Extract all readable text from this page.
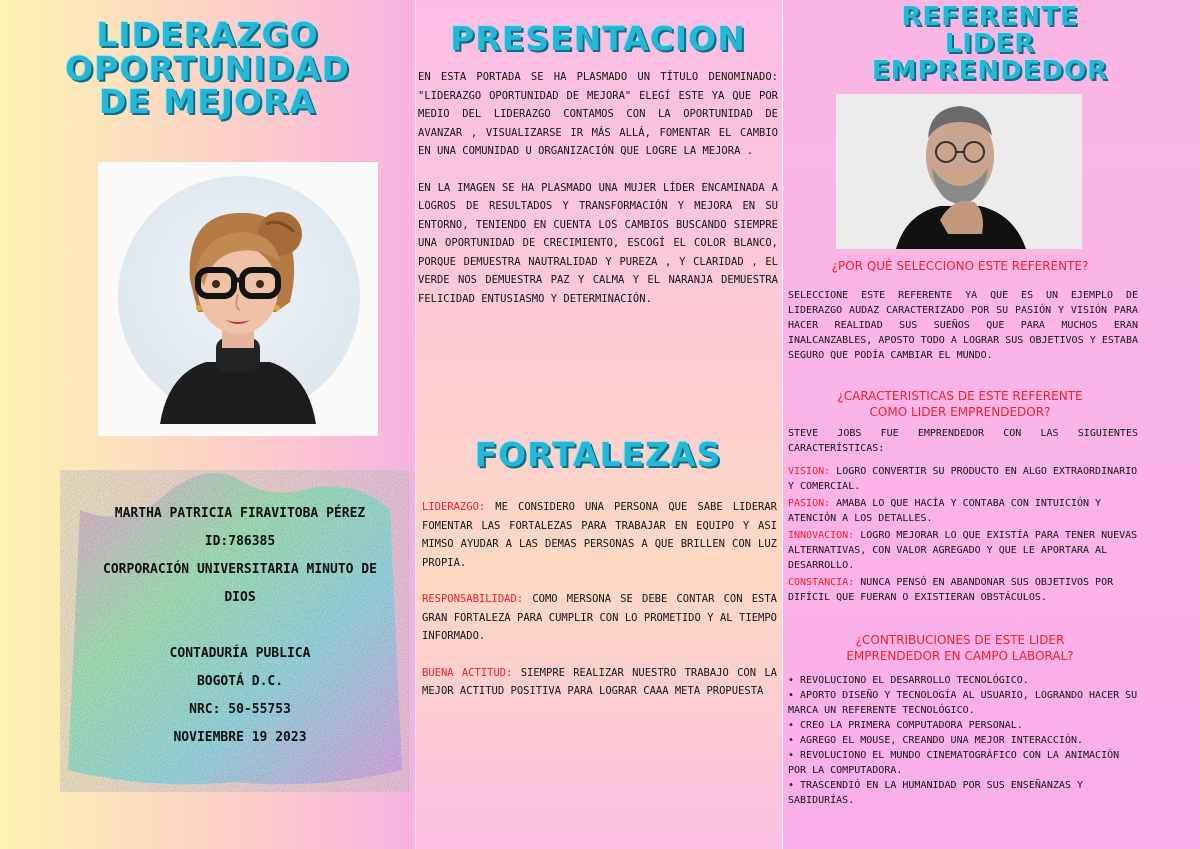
LIDERAZGO
OPORTUNIDAD
DE MEJORA
MARTHA PATRICIA FIRAVITOBA PÉREZ
ID:786385
CORPORACIÓN UNIVERSITARIA MINUTO DE
DIOS
CONTADURÍA PUBLICA
BOGOTÁ D.C.
NRC: 50-55753
NOVIEMBRE 19 2023
PRESENTACION

EN ESTA PORTADA SE HA PLASMADO UN TÍTULO DENOMINADO: "LIDERAZGO OPORTUNIDAD DE MEJORA" ELEGÍ ESTE YA QUE POR MEDIO DEL LIDERAZGO CONTAMOS CON LA OPORTUNIDAD DE AVANZAR , VISUALIZARSE IR MÁS ALLÁ, FOMENTAR EL CAMBIO EN UNA COMUNIDAD U ORGANIZACIÓN QUE LOGRE LA MEJORA .

EN LA IMAGEN SE HA PLASMADO UNA MUJER LÍDER ENCAMINADA A LOGROS DE RESULTADOS Y TRANSFORMACIÓN Y MEJORA EN SU ENTORNO, TENIENDO EN CUENTA LOS CAMBIOS BUSCANDO SIEMPRE UNA OPORTUNIDAD DE CRECIMIENTO, ESCOGÍ EL COLOR BLANCO, PORQUE DEMUESTRA NAUTRALIDAD Y PUREZA , Y CLARIDAD , EL VERDE NOS DEMUESTRA PAZ Y CALMA Y EL NARANJA DEMUESTRA FELICIDAD ENTUSIASMO Y DETERMINACIÓN.

FORTALEZAS

LIDERAZGO: ME CONSIDERO UNA PERSONA QUE SABE LIDERAR FOMENTAR LAS FORTALEZAS PARA TRABAJAR EN EQUIPO Y ASI MIMSO AYUDAR A LAS DEMAS PERSONAS A QUE BRILLEN CON LUZ PROPIA.

RESPONSABILIDAD: COMO MERSONA SE DEBE CONTAR CON ESTA GRAN FORTALEZA PARA CUMPLIR CON LO PROMETIDO Y AL TIEMPO INFORMADO.

BUENA ACTITUD: SIEMPRE REALIZAR NUESTRO TRABAJO CON LA MEJOR ACTITUD POSITIVA PARA LOGRAR CAAA META PROPUESTA

REFERENTE
LIDER
EMPRENDEDOR
¿POR QUÉ SELECCIONO ESTE REFERENTE?
SELECCIONE ESTE REFERENTE YA QUE ES UN EJEMPLO DE LIDERAZGO AUDAZ CARACTERIZADO POR SU PASIÓN Y VISIÓN PARA HACER REALIDAD SUS SUEÑOS QUE PARA MUCHOS ERAN INALCANZABLES, APOSTO TODO A LOGRAR SUS OBJETIVOS Y ESTABA SEGURO QUE PODÍA CAMBIAR EL MUNDO.
¿CARACTERISTICAS DE ESTE REFERENTE
COMO LIDER EMPRENDEDOR?
STEVE JOBS FUE EMPRENDEDOR CON LAS SIGUIENTES CARACTERÍSTICAS:
VISION: LOGRO CONVERTIR SU PRODUCTO EN ALGO EXTRAORDINARIO Y COMERCIAL.
PASION: AMABA LO QUE HACÍA Y CONTABA CON INTUICIÓN Y ATENCIÓN A LOS DETALLES.
INNOVACION: LOGRO MEJORAR LO QUE EXISTÍA PARA TENER NUEVAS ALTERNATIVAS, CON VALOR AGREGADO Y QUE LE APORTARA AL DESARROLLO.
CONSTANCIA: NUNCA PENSÓ EN ABANDONAR SUS OBJETIVOS POR DIFÍCIL QUE FUERAN O EXISTIERAN OBSTÁCULOS.
¿CONTRIBUCIONES DE ESTE LIDER
EMPRENDEDOR EN CAMPO LABORAL?
• REVOLUCIONO EL DESARROLLO TECNOLÓGICO.
• APORTO DISEÑO Y TECNOLOGÍA AL USUARIO, LOGRANDO HACER SU MARCA UN REFERENTE TECNOLÓGICO.
• CREO LA PRIMERA COMPUTADORA PERSONAL.
• AGREGO EL MOUSE, CREANDO UNA MEJOR INTERACCIÓN.
• REVOLUCIONO EL MUNDO CINEMATOGRÁFICO CON LA ANIMACIÓN POR LA COMPUTADORA.
• TRASCENDIÓ EN LA HUMANIDAD POR SUS ENSEÑANZAS Y SABIDURÍAS.
